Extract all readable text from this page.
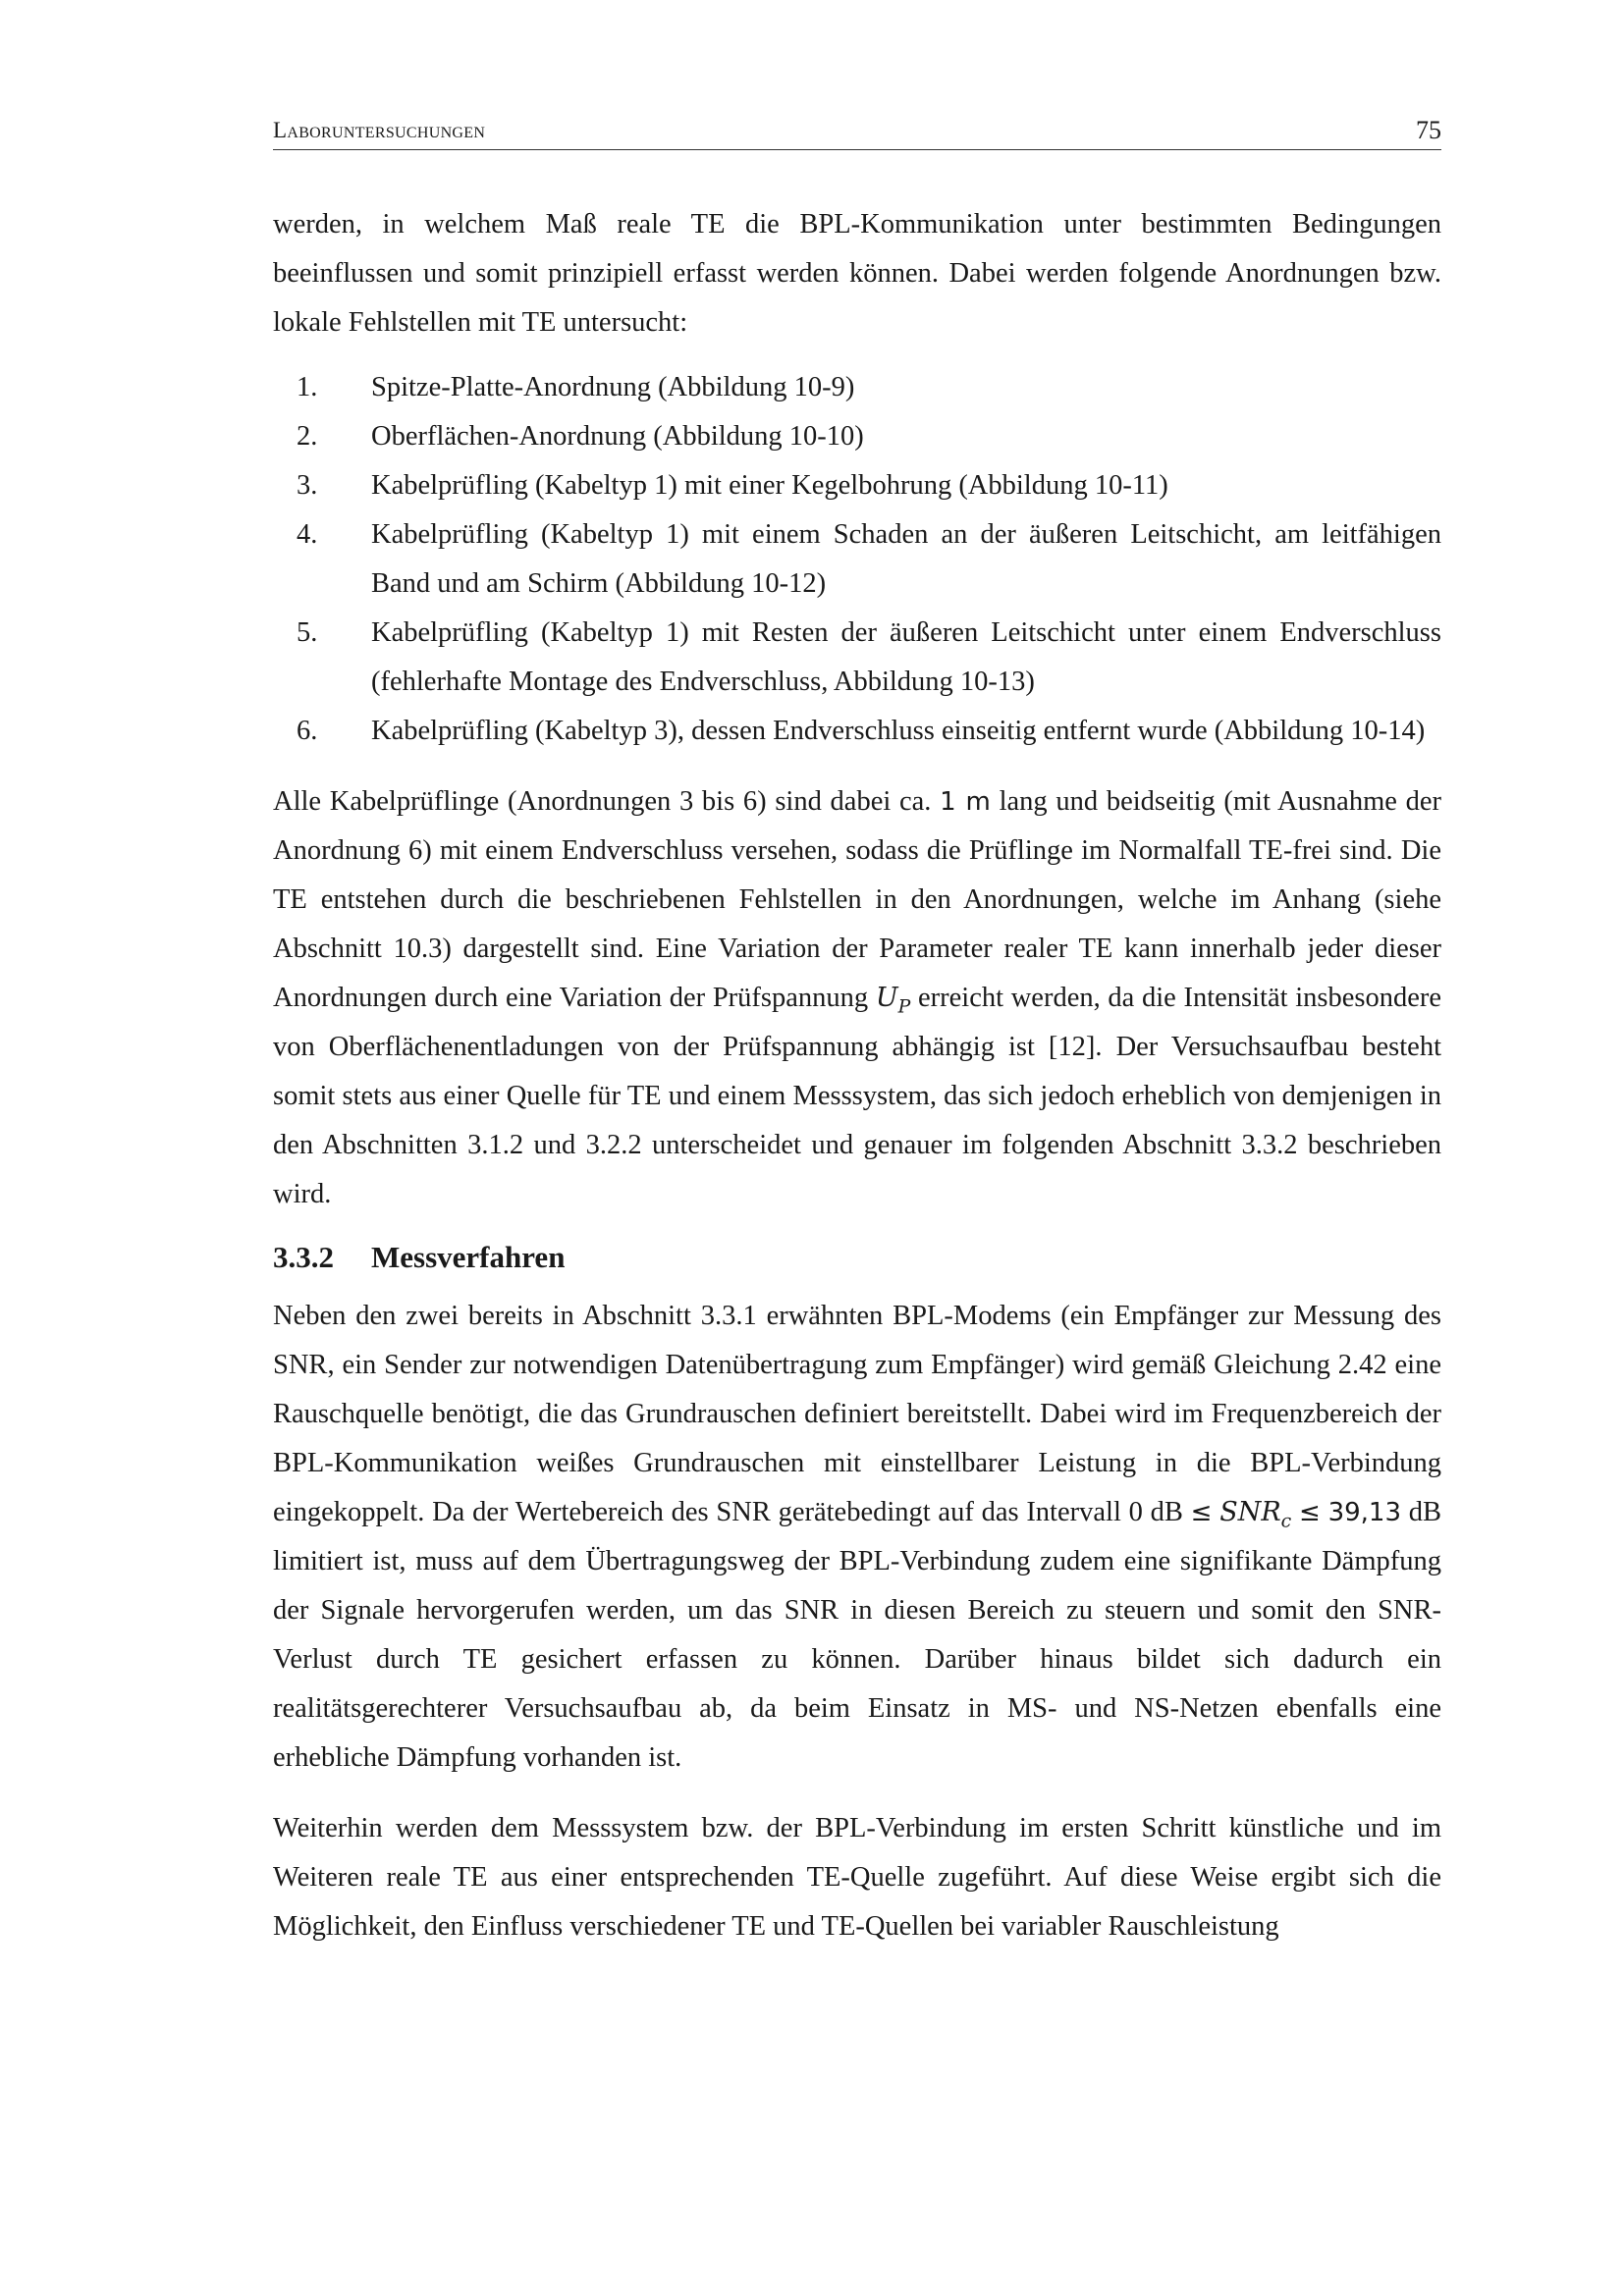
Laboruntersuchungen	75

werden, in welchem Maß reale TE die BPL-Kommunikation unter bestimmten Bedingungen beeinflussen und somit prinzipiell erfasst werden können. Dabei werden folgende Anordnungen bzw. lokale Fehlstellen mit TE untersucht:

1. Spitze-Platte-Anordnung (Abbildung 10-9)
2. Oberflächen-Anordnung (Abbildung 10-10)
3. Kabelprüfling (Kabeltyp 1) mit einer Kegelbohrung (Abbildung 10-11)
4. Kabelprüfling (Kabeltyp 1) mit einem Schaden an der äußeren Leitschicht, am leitfähigen Band und am Schirm (Abbildung 10-12)
5. Kabelprüfling (Kabeltyp 1) mit Resten der äußeren Leitschicht unter einem Endverschluss (fehlerhafte Montage des Endverschluss, Abbildung 10-13)
6. Kabelprüfling (Kabeltyp 3), dessen Endverschluss einseitig entfernt wurde (Abbildung 10-14)

Alle Kabelprüflinge (Anordnungen 3 bis 6) sind dabei ca. 1 m lang und beidseitig (mit Ausnahme der Anordnung 6) mit einem Endverschluss versehen, sodass die Prüflinge im Normalfall TE-frei sind. Die TE entstehen durch die beschriebenen Fehlstellen in den Anordnungen, welche im Anhang (siehe Abschnitt 10.3) dargestellt sind. Eine Variation der Parameter realer TE kann innerhalb jeder dieser Anordnungen durch eine Variation der Prüfspannung $U_P$ erreicht werden, da die Intensität insbesondere von Oberflächenentladungen von der Prüfspannung abhängig ist [12]. Der Versuchsaufbau besteht somit stets aus einer Quelle für TE und einem Messsystem, das sich jedoch erheblich von demjenigen in den Abschnitten 3.1.2 und 3.2.2 unterscheidet und genauer im folgenden Abschnitt 3.3.2 beschrieben wird.

3.3.2 Messverfahren

Neben den zwei bereits in Abschnitt 3.3.1 erwähnten BPL-Modems (ein Empfänger zur Messung des SNR, ein Sender zur notwendigen Datenübertragung zum Empfänger) wird gemäß Gleichung 2.42 eine Rauschquelle benötigt, die das Grundrauschen definiert bereitstellt. Dabei wird im Frequenzbereich der BPL-Kommunikation weißes Grundrauschen mit einstellbarer Leistung in die BPL-Verbindung eingekoppelt. Da der Wertebereich des SNR gerätebedingt auf das Intervall 0 dB ≤ $SNR_c \le 39,13$ dB limitiert ist, muss auf dem Übertragungsweg der BPL-Verbindung zudem eine signifikante Dämpfung der Signale hervorgerufen werden, um das SNR in diesen Bereich zu steuern und somit den SNR-Verlust durch TE gesichert erfassen zu können. Darüber hinaus bildet sich dadurch ein realitätsgerechterer Versuchsaufbau ab, da beim Einsatz in MS- und NS-Netzen ebenfalls eine erhebliche Dämpfung vorhanden ist.

Weiterhin werden dem Messsystem bzw. der BPL-Verbindung im ersten Schritt künstliche und im Weiteren reale TE aus einer entsprechenden TE-Quelle zugeführt. Auf diese Weise ergibt sich die Möglichkeit, den Einfluss verschiedener TE und TE-Quellen bei variabler Rauschleistung
